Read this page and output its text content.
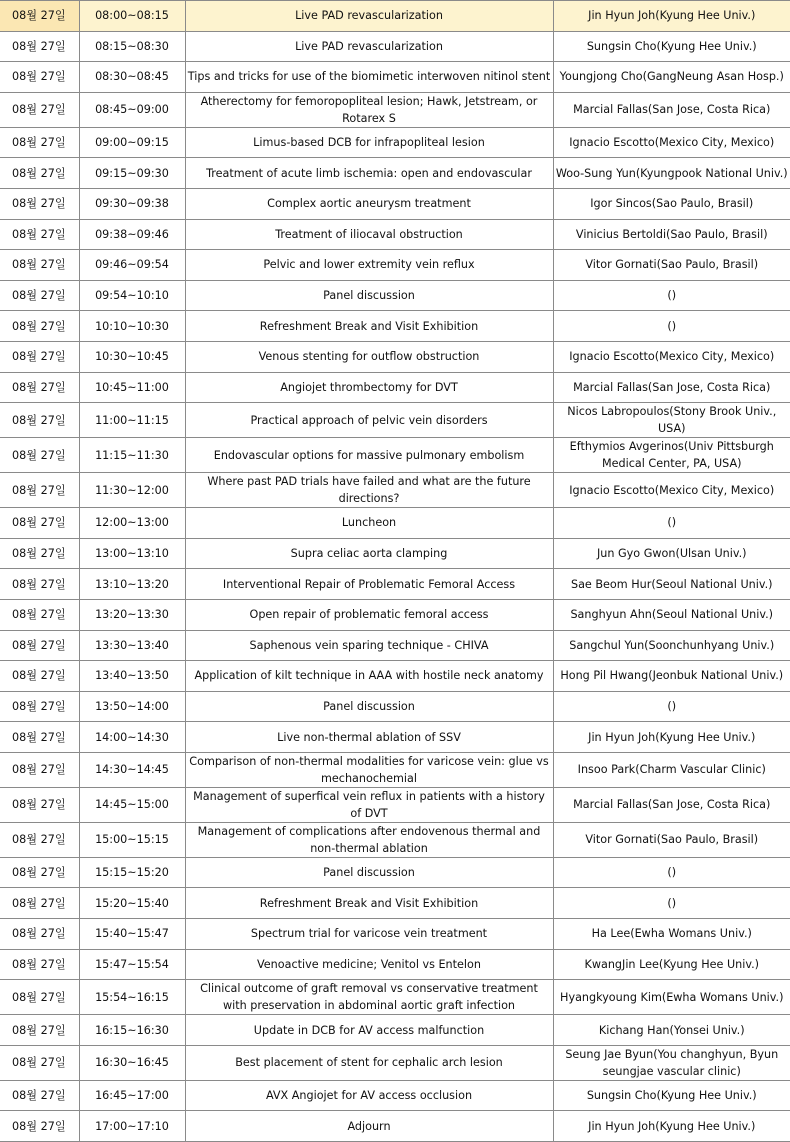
08월 27일	08:00~08:15	Live PAD revascularization	Jin Hyun Joh(Kyung Hee Univ.)
08월 27일	08:15~08:30	Live PAD revascularization	Sungsin Cho(Kyung Hee Univ.)
08월 27일	08:30~08:45	Tips and tricks for use of the biomimetic interwoven nitinol stent	Youngjong Cho(GangNeung Asan Hosp.)
08월 27일	08:45~09:00	Atherectomy for femoropopliteal lesion; Hawk, Jetstream, or Rotarex S	Marcial Fallas(San Jose, Costa Rica)
08월 27일	09:00~09:15	Limus-based DCB for infrapopliteal lesion	Ignacio Escotto(Mexico City, Mexico)
08월 27일	09:15~09:30	Treatment of acute limb ischemia: open and endovascular	Woo-Sung Yun(Kyungpook National Univ.)
08월 27일	09:30~09:38	Complex aortic aneurysm treatment	Igor Sincos(Sao Paulo, Brasil)
08월 27일	09:38~09:46	Treatment of iliocaval obstruction	Vinicius Bertoldi(Sao Paulo, Brasil)
08월 27일	09:46~09:54	Pelvic and lower extremity vein reflux	Vitor Gornati(Sao Paulo, Brasil)
08월 27일	09:54~10:10	Panel discussion	()
08월 27일	10:10~10:30	Refreshment Break and Visit Exhibition	()
08월 27일	10:30~10:45	Venous stenting for outflow obstruction	Ignacio Escotto(Mexico City, Mexico)
08월 27일	10:45~11:00	Angiojet thrombectomy for DVT	Marcial Fallas(San Jose, Costa Rica)
08월 27일	11:00~11:15	Practical approach of pelvic vein disorders	Nicos Labropoulos(Stony Brook Univ., USA)
08월 27일	11:15~11:30	Endovascular options for massive pulmonary embolism	Efthymios Avgerinos(Univ Pittsburgh Medical Center, PA, USA)
08월 27일	11:30~12:00	Where past PAD trials have failed and what are the future directions?	Ignacio Escotto(Mexico City, Mexico)
08월 27일	12:00~13:00	Luncheon	()
08월 27일	13:00~13:10	Supra celiac aorta clamping	Jun Gyo Gwon(Ulsan Univ.)
08월 27일	13:10~13:20	Interventional Repair of Problematic Femoral Access	Sae Beom Hur(Seoul National Univ.)
08월 27일	13:20~13:30	Open repair of problematic femoral access	Sanghyun Ahn(Seoul National Univ.)
08월 27일	13:30~13:40	Saphenous vein sparing technique - CHIVA	Sangchul Yun(Soonchunhyang Univ.)
08월 27일	13:40~13:50	Application of kilt technique in AAA with hostile neck anatomy	Hong Pil Hwang(Jeonbuk National Univ.)
08월 27일	13:50~14:00	Panel discussion	()
08월 27일	14:00~14:30	Live non-thermal ablation of SSV	Jin Hyun Joh(Kyung Hee Univ.)
08월 27일	14:30~14:45	Comparison of non-thermal modalities for varicose vein: glue vs mechanochemial	Insoo Park(Charm Vascular Clinic)
08월 27일	14:45~15:00	Management of superfical vein reflux in patients with a history of DVT	Marcial Fallas(San Jose, Costa Rica)
08월 27일	15:00~15:15	Management of complications after endovenous thermal and non-thermal ablation	Vitor Gornati(Sao Paulo, Brasil)
08월 27일	15:15~15:20	Panel discussion	()
08월 27일	15:20~15:40	Refreshment Break and Visit Exhibition	()
08월 27일	15:40~15:47	Spectrum trial for varicose vein treatment	Ha Lee(Ewha Womans Univ.)
08월 27일	15:47~15:54	Venoactive medicine; Venitol vs Entelon	KwangJin Lee(Kyung Hee Univ.)
08월 27일	15:54~16:15	Clinical outcome of graft removal vs conservative treatment with preservation in abdominal aortic graft infection	Hyangkyoung Kim(Ewha Womans Univ.)
08월 27일	16:15~16:30	Update in DCB for AV access malfunction	Kichang Han(Yonsei Univ.)
08월 27일	16:30~16:45	Best placement of stent for cephalic arch lesion	Seung Jae Byun(You changhyun, Byun seungjae vascular clinic)
08월 27일	16:45~17:00	AVX Angiojet for AV access occlusion	Sungsin Cho(Kyung Hee Univ.)
08월 27일	17:00~17:10	Adjourn	Jin Hyun Joh(Kyung Hee Univ.)
